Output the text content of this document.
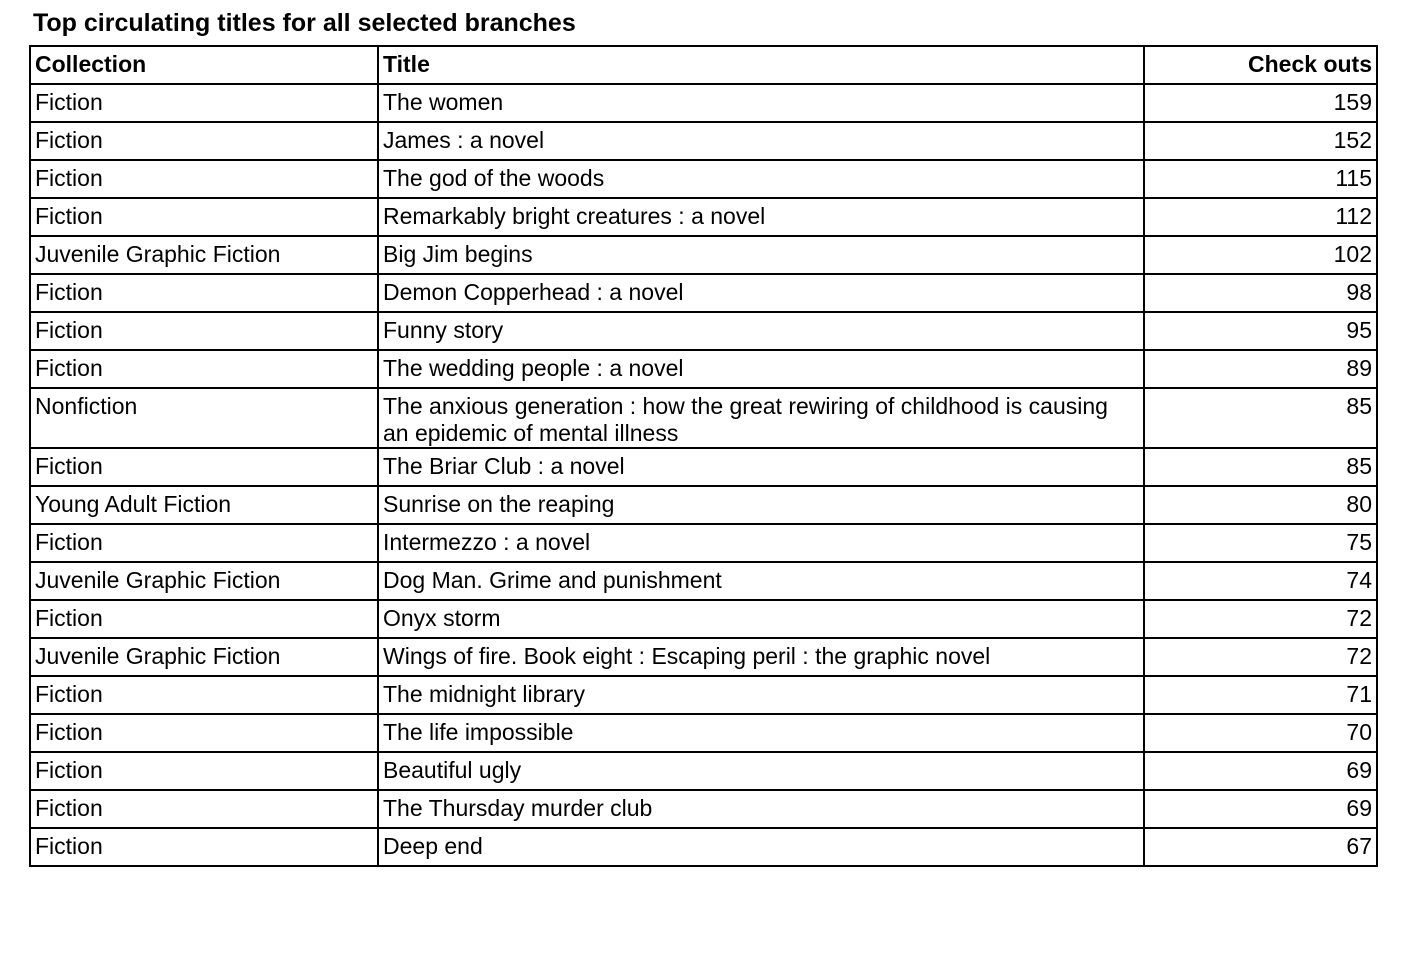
Top circulating titles for all selected branches
Collection	Title	Check outs
Fiction	The women	159
Fiction	James : a novel	152
Fiction	The god of the woods	115
Fiction	Remarkably bright creatures : a novel	112
Juvenile Graphic Fiction	Big Jim begins	102
Fiction	Demon Copperhead : a novel	98
Fiction	Funny story	95
Fiction	The wedding people : a novel	89
Nonfiction	The anxious generation : how the great rewiring of childhood is causing an epidemic of mental illness	85
Fiction	The Briar Club : a novel	85
Young Adult Fiction	Sunrise on the reaping	80
Fiction	Intermezzo : a novel	75
Juvenile Graphic Fiction	Dog Man. Grime and punishment	74
Fiction	Onyx storm	72
Juvenile Graphic Fiction	Wings of fire. Book eight : Escaping peril : the graphic novel	72
Fiction	The midnight library	71
Fiction	The life impossible	70
Fiction	Beautiful ugly	69
Fiction	The Thursday murder club	69
Fiction	Deep end	67
